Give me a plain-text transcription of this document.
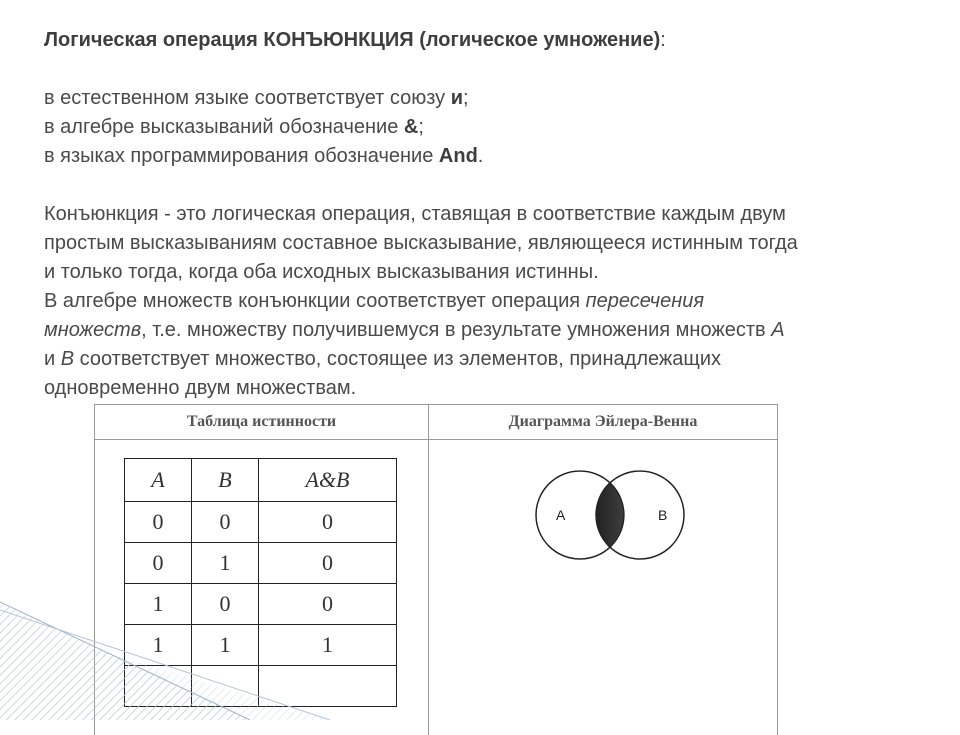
Логическая операция КОНЪЮНКЦИЯ (логическое умножение):
в естественном языке соответствует союзу и;
в алгебре высказываний обозначение &;
в языках программирования обозначение And.
Конъюнкция - это логическая операция, ставящая в соответствие каждым двум
простым высказываниям составное высказывание, являющееся истинным тогда
и только тогда, когда оба исходных высказывания истинны.
В алгебре множеств конъюнкции соответствует операция пересечения
множеств, т.е. множеству получившемуся в результате умножения множеств А
и В соответствует множество, состоящее из элементов, принадлежащих
одновременно двум множествам.
Таблица истинности	Диаграмма Эйлера-Венна
A	B	A&B
0	0	0
0	1	0
1	0	0
1	1	1

A	B
